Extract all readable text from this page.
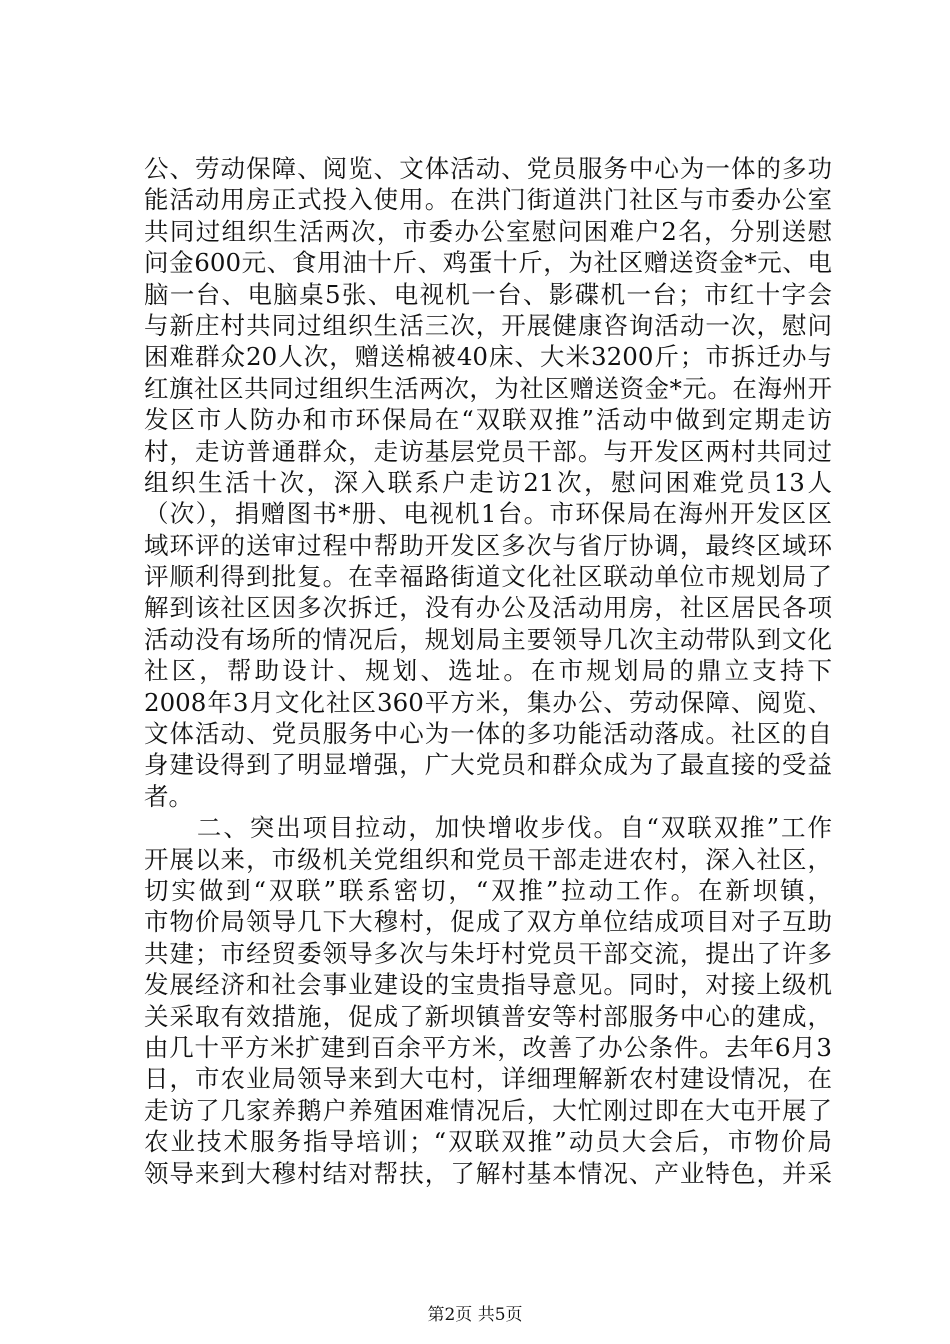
公、劳动保障、阅览、文体活动、党员服务中心为一体的多功
能活动用房正式投入使用。在洪门街道洪门社区与市委办公室
共同过组织生活两次，市委办公室慰问困难户2名，分别送慰
问金600元、食用油十斤、鸡蛋十斤，为社区赠送资金*元、电
脑一台、电脑桌5张、电视机一台、影碟机一台；市红十字会
与新庄村共同过组织生活三次，开展健康咨询活动一次，慰问
困难群众20人次，赠送棉被40床、大米3200斤；市拆迁办与
红旗社区共同过组织生活两次，为社区赠送资金*元。在海州开
发区市人防办和市环保局在“双联双推”活动中做到定期走访
村，走访普通群众，走访基层党员干部。与开发区两村共同过
组织生活十次，深入联系户走访21次，慰问困难党员13人
（次），捐赠图书*册、电视机1台。市环保局在海州开发区区
域环评的送审过程中帮助开发区多次与省厅协调，最终区域环
评顺利得到批复。在幸福路街道文化社区联动单位市规划局了
解到该社区因多次拆迁，没有办公及活动用房，社区居民各项
活动没有场所的情况后，规划局主要领导几次主动带队到文化
社区，帮助设计、规划、选址。在市规划局的鼎立支持下
2008年3月文化社区360平方米，集办公、劳动保障、阅览、
文体活动、党员服务中心为一体的多功能活动落成。社区的自
身建设得到了明显增强，广大党员和群众成为了最直接的受益
者。
　　二、突出项目拉动，加快增收步伐。自“双联双推”工作
开展以来，市级机关党组织和党员干部走进农村，深入社区，
切实做到“双联”联系密切，“双推”拉动工作。在新坝镇，
市物价局领导几下大穆村，促成了双方单位结成项目对子互助
共建；市经贸委领导多次与朱圩村党员干部交流，提出了许多
发展经济和社会事业建设的宝贵指导意见。同时，对接上级机
关采取有效措施，促成了新坝镇普安等村部服务中心的建成，
由几十平方米扩建到百余平方米，改善了办公条件。去年6月3
日，市农业局领导来到大屯村，详细理解新农村建设情况，在
走访了几家养鹅户养殖困难情况后，大忙刚过即在大屯开展了
农业技术服务指导培训；“双联双推”动员大会后，市物价局
领导来到大穆村结对帮扶，了解村基本情况、产业特色，并采
第2页 共5页
